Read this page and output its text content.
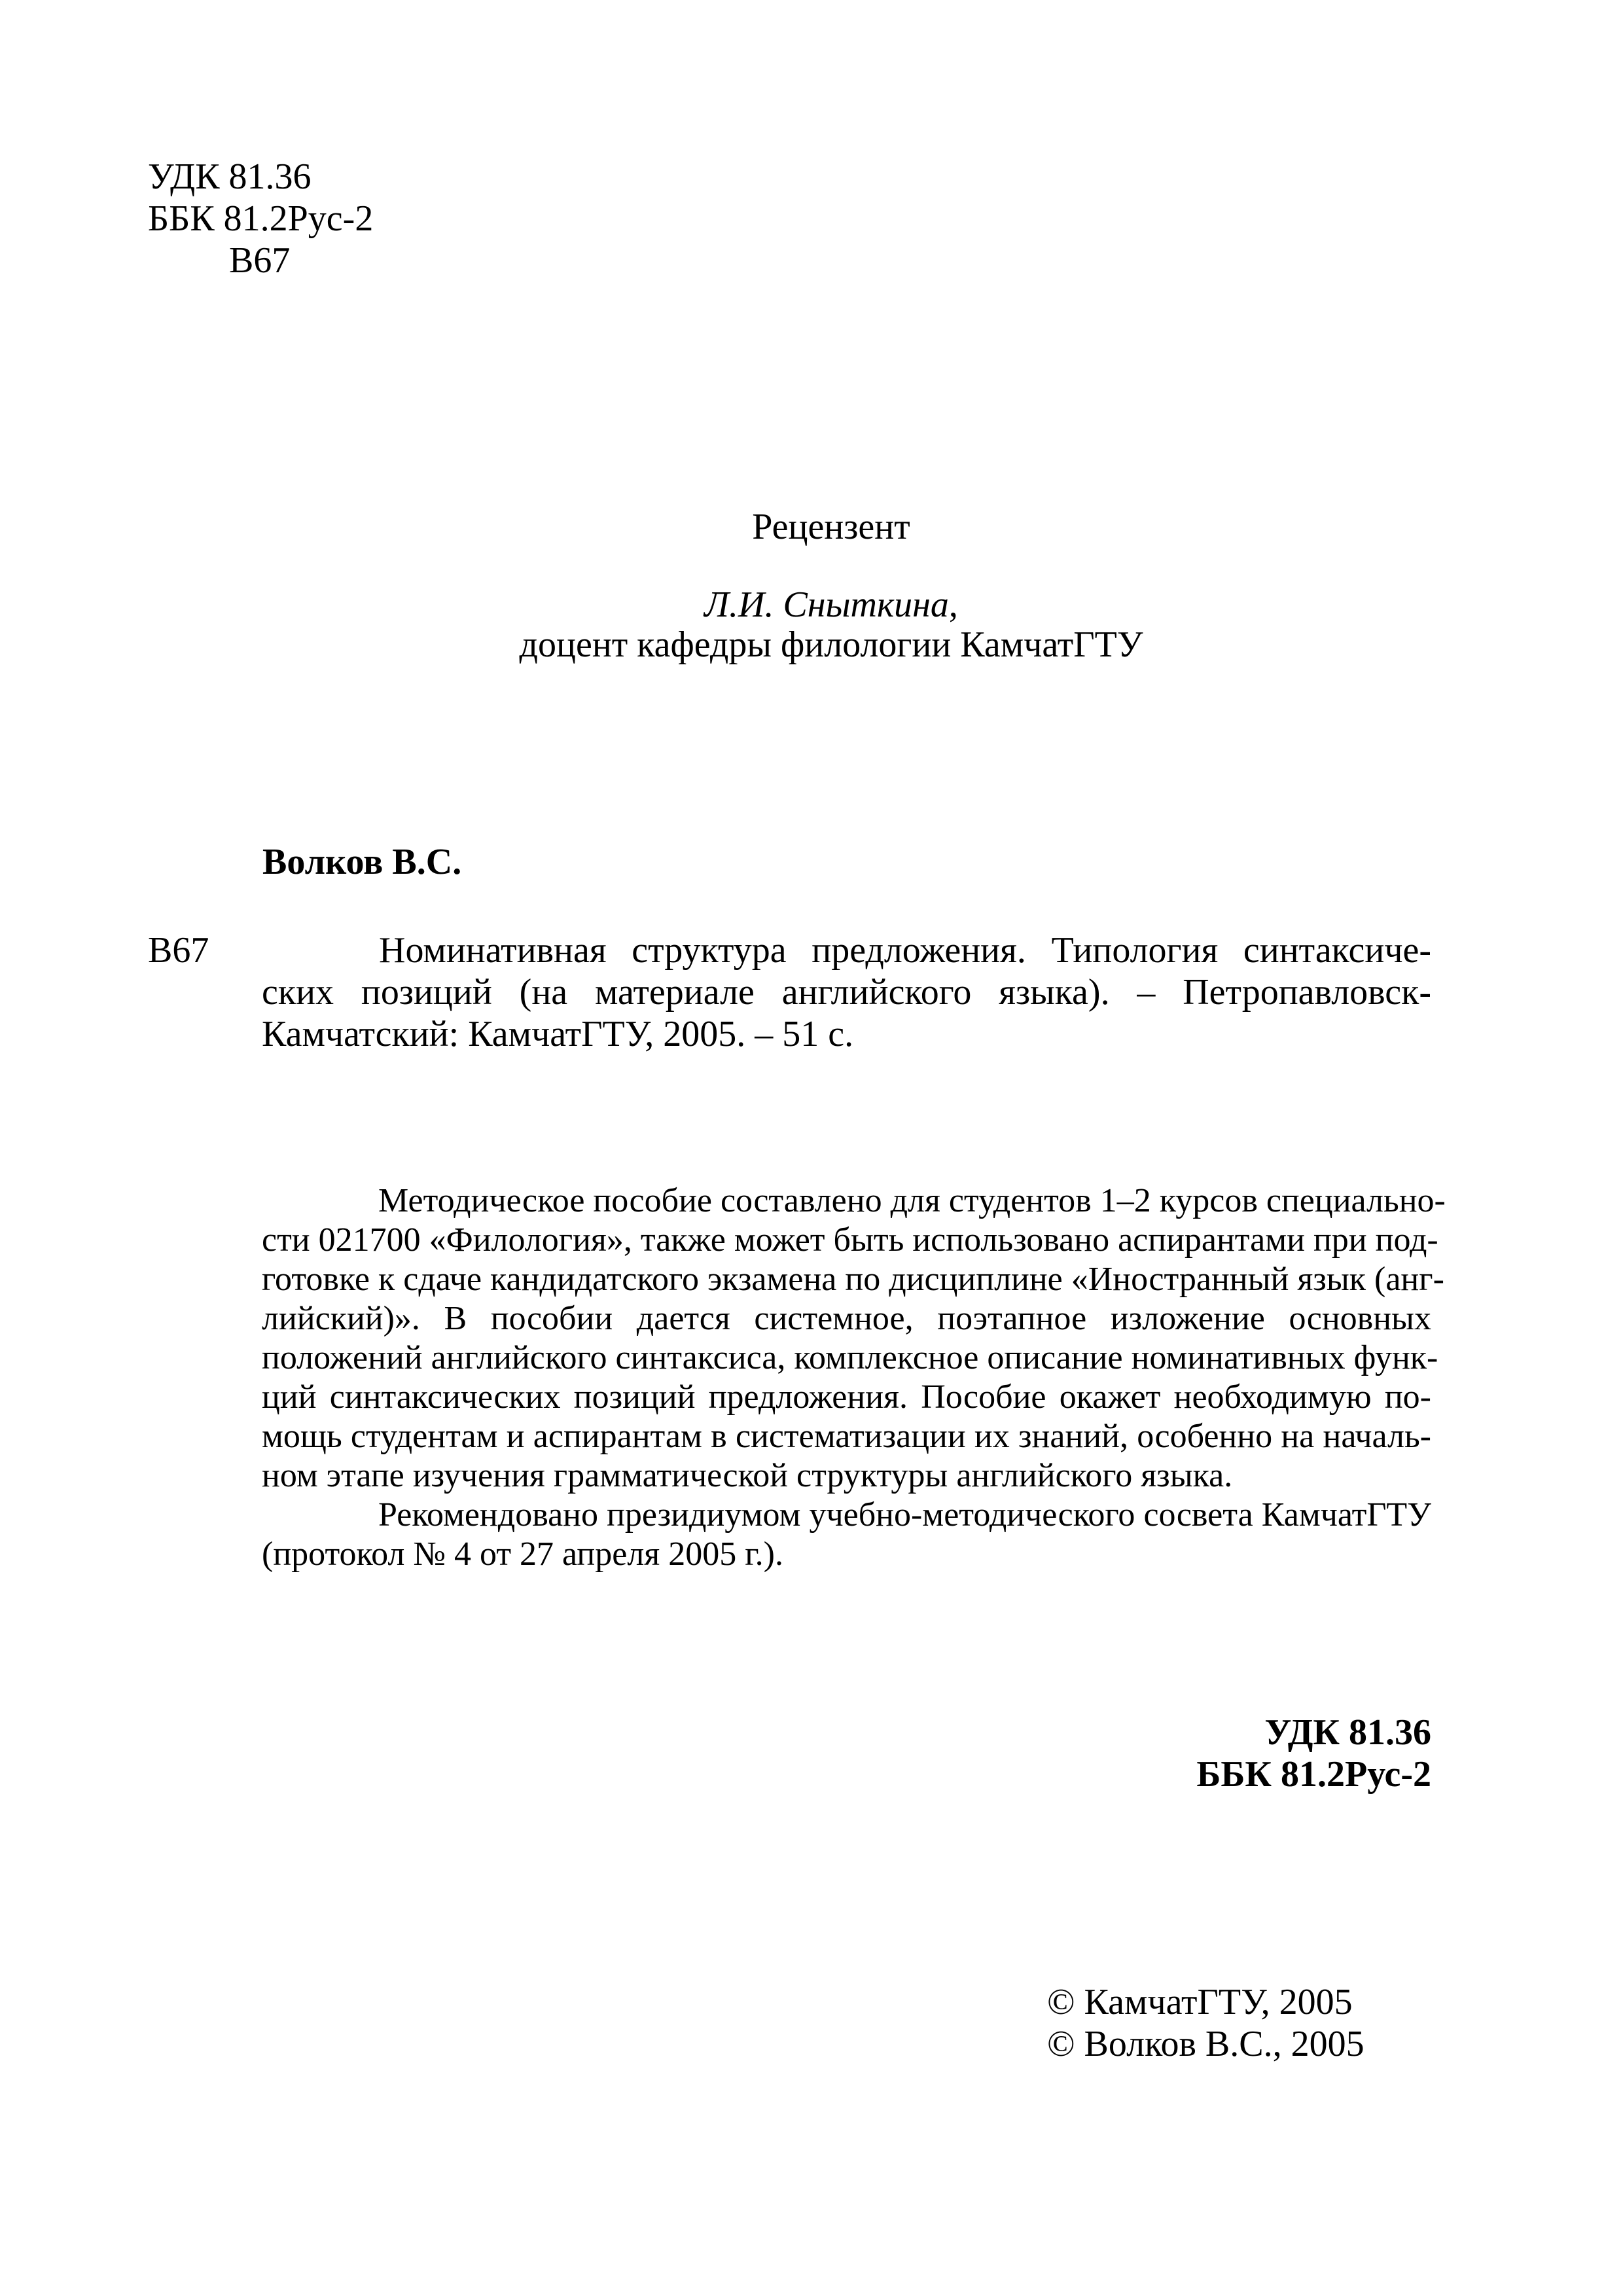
УДК 81.36
ББК 81.2Рус-2
В67
Рецензент
Л.И. Сныткина,
доцент кафедры филологии КамчатГТУ
Волков В.С.
В67	Номинативная структура предложения. Типология синтаксиче-
ских позиций (на материале английского языка). – Петропавловск-
Камчатский: КамчатГТУ, 2005. – 51 с.
Методическое пособие составлено для студентов 1–2 курсов специально-
сти 021700 «Филология», также может быть использовано аспирантами при под-
готовке к сдаче кандидатского экзамена по дисциплине «Иностранный язык (анг-
лийский)». В пособии дается системное, поэтапное изложение основных
положений английского синтаксиса, комплексное описание номинативных функ-
ций синтаксических позиций предложения. Пособие окажет необходимую по-
мощь студентам и аспирантам в систематизации их знаний, особенно на началь-
ном этапе изучения грамматической структуры английского языка.
Рекомендовано президиумом учебно-методического сосвета КамчатГТУ
(протокол № 4 от 27 апреля 2005 г.).
УДК 81.36
ББК 81.2Рус-2
© КамчатГТУ, 2005
© Волков В.С., 2005
